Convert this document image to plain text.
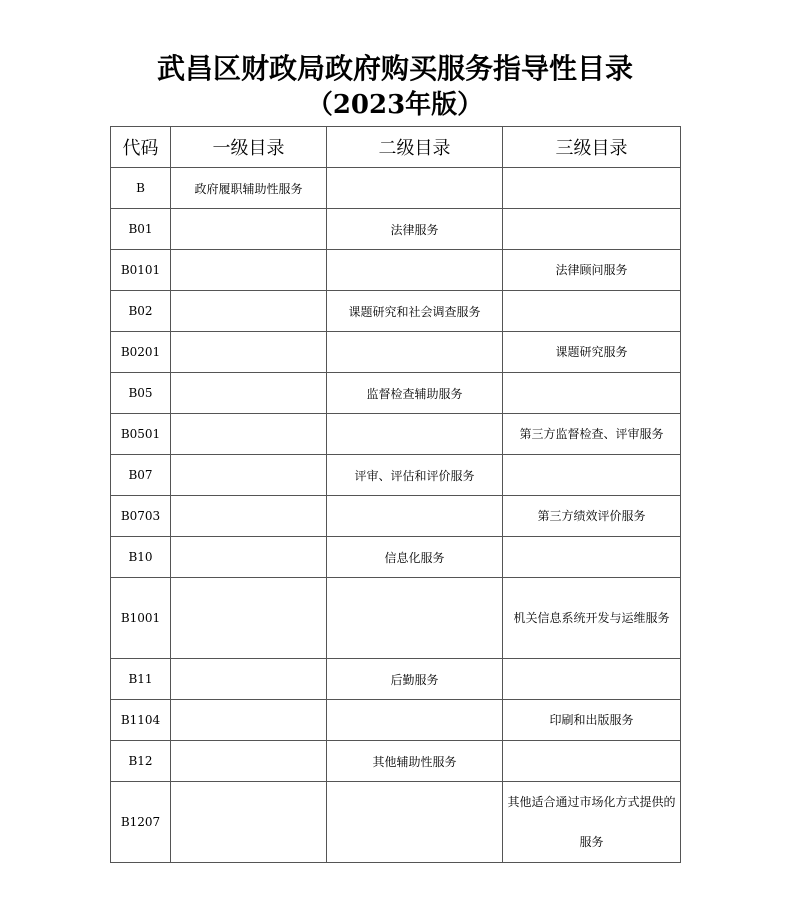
武昌区财政局政府购买服务指导性目录
（2023年版）
代码	一级目录	二级目录	三级目录
B	政府履职辅助性服务		
B01		法律服务	
B0101			法律顾问服务
B02		课题研究和社会调查服务	
B0201			课题研究服务
B05		监督检查辅助服务	
B0501			第三方监督检查、评审服务
B07		评审、评估和评价服务	
B0703			第三方绩效评价服务
B10		信息化服务	
B1001			机关信息系统开发与运维服务
B11		后勤服务	
B1104			印刷和出版服务
B12		其他辅助性服务	
B1207			其他适合通过市场化方式提供的服务
